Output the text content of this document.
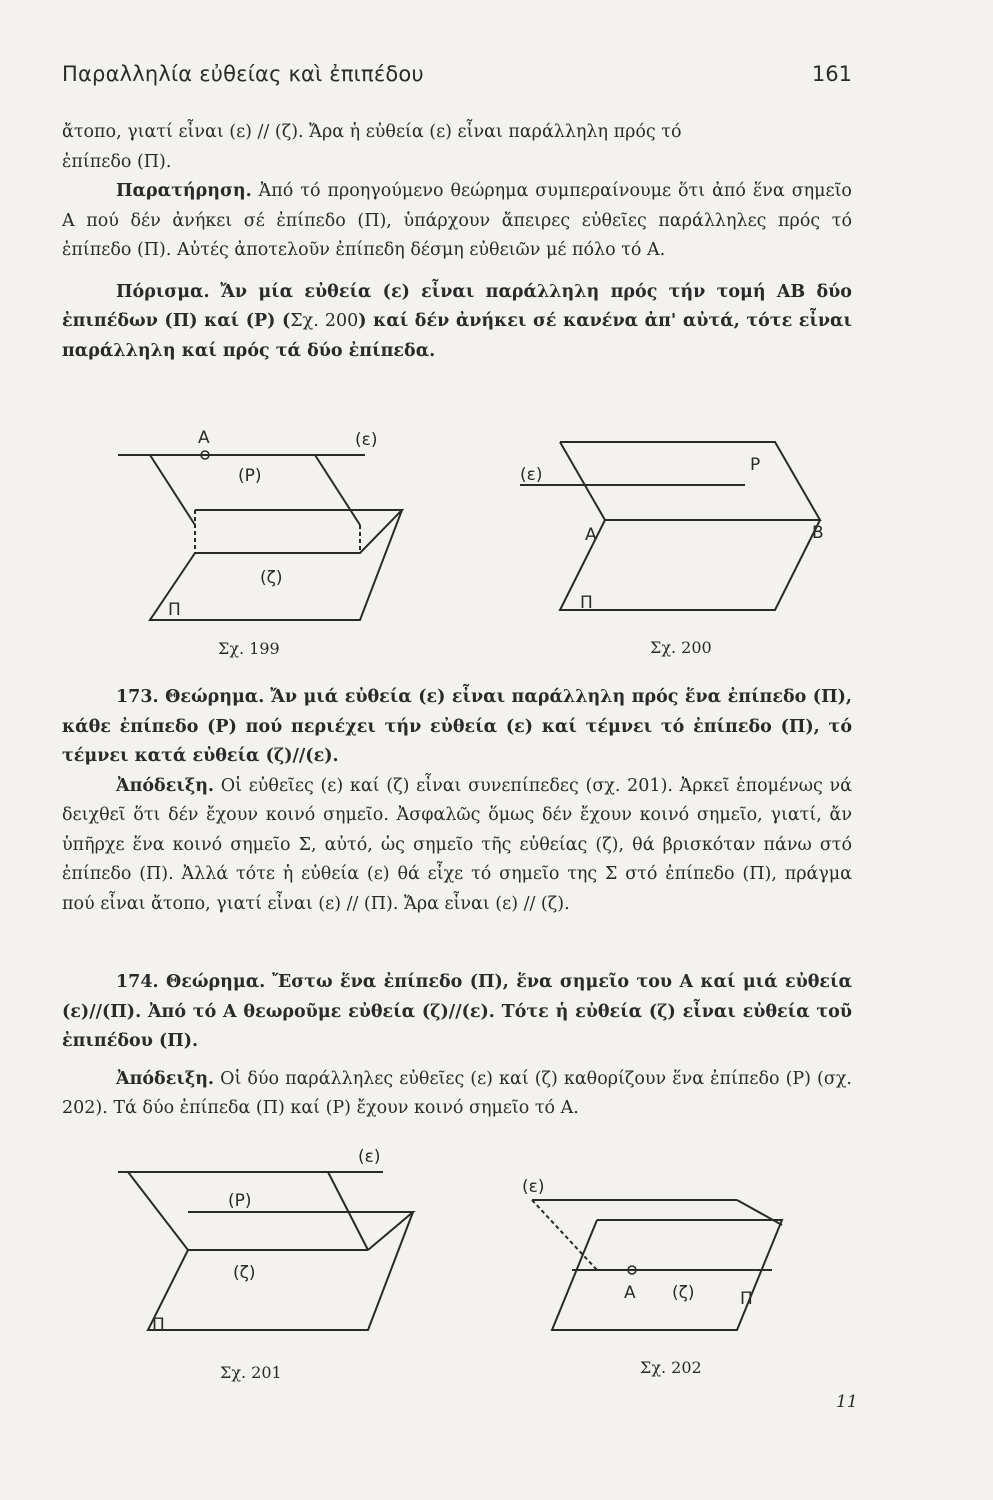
Παραλληλία εὐθείας καὶ ἐπιπέδου	161

ἄτοπο, γιατί εἶναι (ε) // (ζ). Ἄρα ἡ εὐθεία (ε) εἶναι παράλληλη πρός τό

ἐπίπεδο (Π).

Παρατήρηση. Ἀπό τό προηγούμενο θεώρημα συμπεραίνουμε ὅτι ἀπό ἕνα σημεῖο Α πού δέν ἀνήκει σέ ἐπίπεδο (Π), ὑπάρχουν ἄπειρες εὐθεῖες παράλληλες πρός τό ἐπίπεδο (Π). Αὐτές ἀποτελοῦν ἐπίπεδη δέσμη εὐθειῶν μέ πόλο τό Α.

Πόρισμα. Ἄν μία εὐθεία (ε) εἶναι παράλληλη πρός τήν τομή ΑΒ δύο ἐπιπέδων (Π) καί (Ρ) (Σχ. 200) καί δέν ἀνήκει σέ κανένα ἀπ' αὐτά, τότε εἶναι παράλληλη καί πρός τά δύο ἐπίπεδα.

A	(ε)
(P)
(ζ)
Π
Σχ. 199
P
(ε)
A	B
Π
Σχ. 200

173. Θεώρημα. Ἄν μιά εὐθεία (ε) εἶναι παράλληλη πρός ἕνα ἐπίπεδο (Π), κάθε ἐπίπεδο (Ρ) πού περιέχει τήν εὐθεία (ε) καί τέμνει τό ἐπίπεδο (Π), τό τέμνει κατά εὐθεία (ζ)//(ε).

Ἀπόδειξη. Οἱ εὐθεῖες (ε) καί (ζ) εἶναι συνεπίπεδες (σχ. 201). Ἀρκεῖ ἑπομένως νά δειχθεῖ ὅτι δέν ἔχουν κοινό σημεῖο. Ἀσφαλῶς ὅμως δέν ἔχουν κοινό σημεῖο, γιατί, ἄν ὑπῆρχε ἕνα κοινό σημεῖο Σ, αὐτό, ὡς σημεῖο τῆς εὐθείας (ζ), θά βρισκόταν πάνω στό ἐπίπεδο (Π). Ἀλλά τότε ἡ εὐθεία (ε) θά εἶχε τό σημεῖο της Σ στό ἐπίπεδο (Π), πράγμα πού εἶναι ἄτοπο, γιατί εἶναι (ε) // (Π). Ἄρα εἶναι (ε) // (ζ).

174. Θεώρημα. Ἔστω ἕνα ἐπίπεδο (Π), ἕνα σημεῖο του Α καί μιά εὐθεία (ε)//(Π). Ἀπό τό Α θεωροῦμε εὐθεία (ζ)//(ε). Τότε ἡ εὐθεία (ζ) εἶναι εὐθεία τοῦ ἐπιπέδου (Π).

Ἀπόδειξη. Οἱ δύο παράλληλες εὐθεῖες (ε) καί (ζ) καθορίζουν ἕνα ἐπίπεδο (Ρ) (σχ. 202). Τά δύο ἐπίπεδα (Π) καί (Ρ) ἔχουν κοινό σημεῖο τό Α.

(ε)
(P)
(ζ)
Π
Σχ. 201
(ε)
A (ζ)	Π
Σχ. 202
11
